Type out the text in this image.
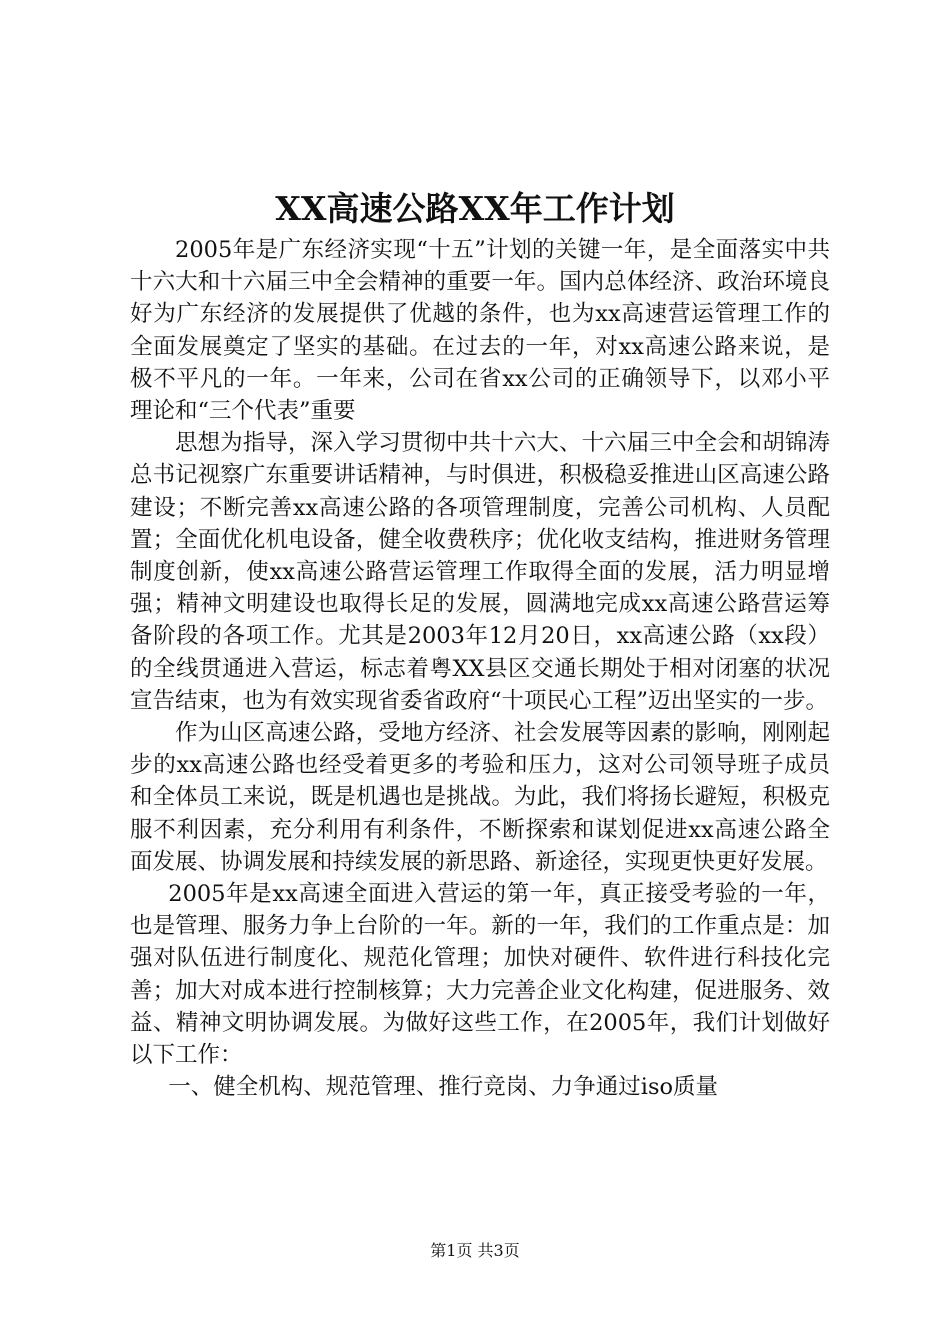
XX高速公路XX年工作计划

2005年是广东经济实现“十五”计划的关键一年，是全面落实中共十六大和十六届三中全会精神的重要一年。国内总体经济、政治环境良好为广东经济的发展提供了优越的条件，也为xx高速营运管理工作的全面发展奠定了坚实的基础。在过去的一年，对xx高速公路来说，是极不平凡的一年。一年来，公司在省xx公司的正确领导下，以邓小平理论和“三个代表”重要

思想为指导，深入学习贯彻中共十六大、十六届三中全会和胡锦涛总书记视察广东重要讲话精神，与时俱进，积极稳妥推进山区高速公路建设；不断完善xx高速公路的各项管理制度，完善公司机构、人员配置；全面优化机电设备，健全收费秩序；优化收支结构，推进财务管理制度创新，使xx高速公路营运管理工作取得全面的发展，活力明显增强；精神文明建设也取得长足的发展，圆满地完成xx高速公路营运筹备阶段的各项工作。尤其是2003年12月20日，xx高速公路（xx段）的全线贯通进入营运，标志着粤XX县区交通长期处于相对闭塞的状况宣告结束，也为有效实现省委省政府“十项民心工程”迈出坚实的一步。

作为山区高速公路，受地方经济、社会发展等因素的影响，刚刚起步的xx高速公路也经受着更多的考验和压力，这对公司领导班子成员和全体员工来说，既是机遇也是挑战。为此，我们将扬长避短，积极克服不利因素，充分利用有利条件，不断探索和谋划促进xx高速公路全面发展、协调发展和持续发展的新思路、新途径，实现更快更好发展。

2005年是xx高速全面进入营运的第一年，真正接受考验的一年，也是管理、服务力争上台阶的一年。新的一年，我们的工作重点是：加强对队伍进行制度化、规范化管理；加快对硬件、软件进行科技化完善；加大对成本进行控制核算；大力完善企业文化构建，促进服务、效益、精神文明协调发展。为做好这些工作，在2005年，我们计划做好以下工作：

一、健全机构、规范管理、推行竞岗、力争通过iso质量

第1页 共3页
